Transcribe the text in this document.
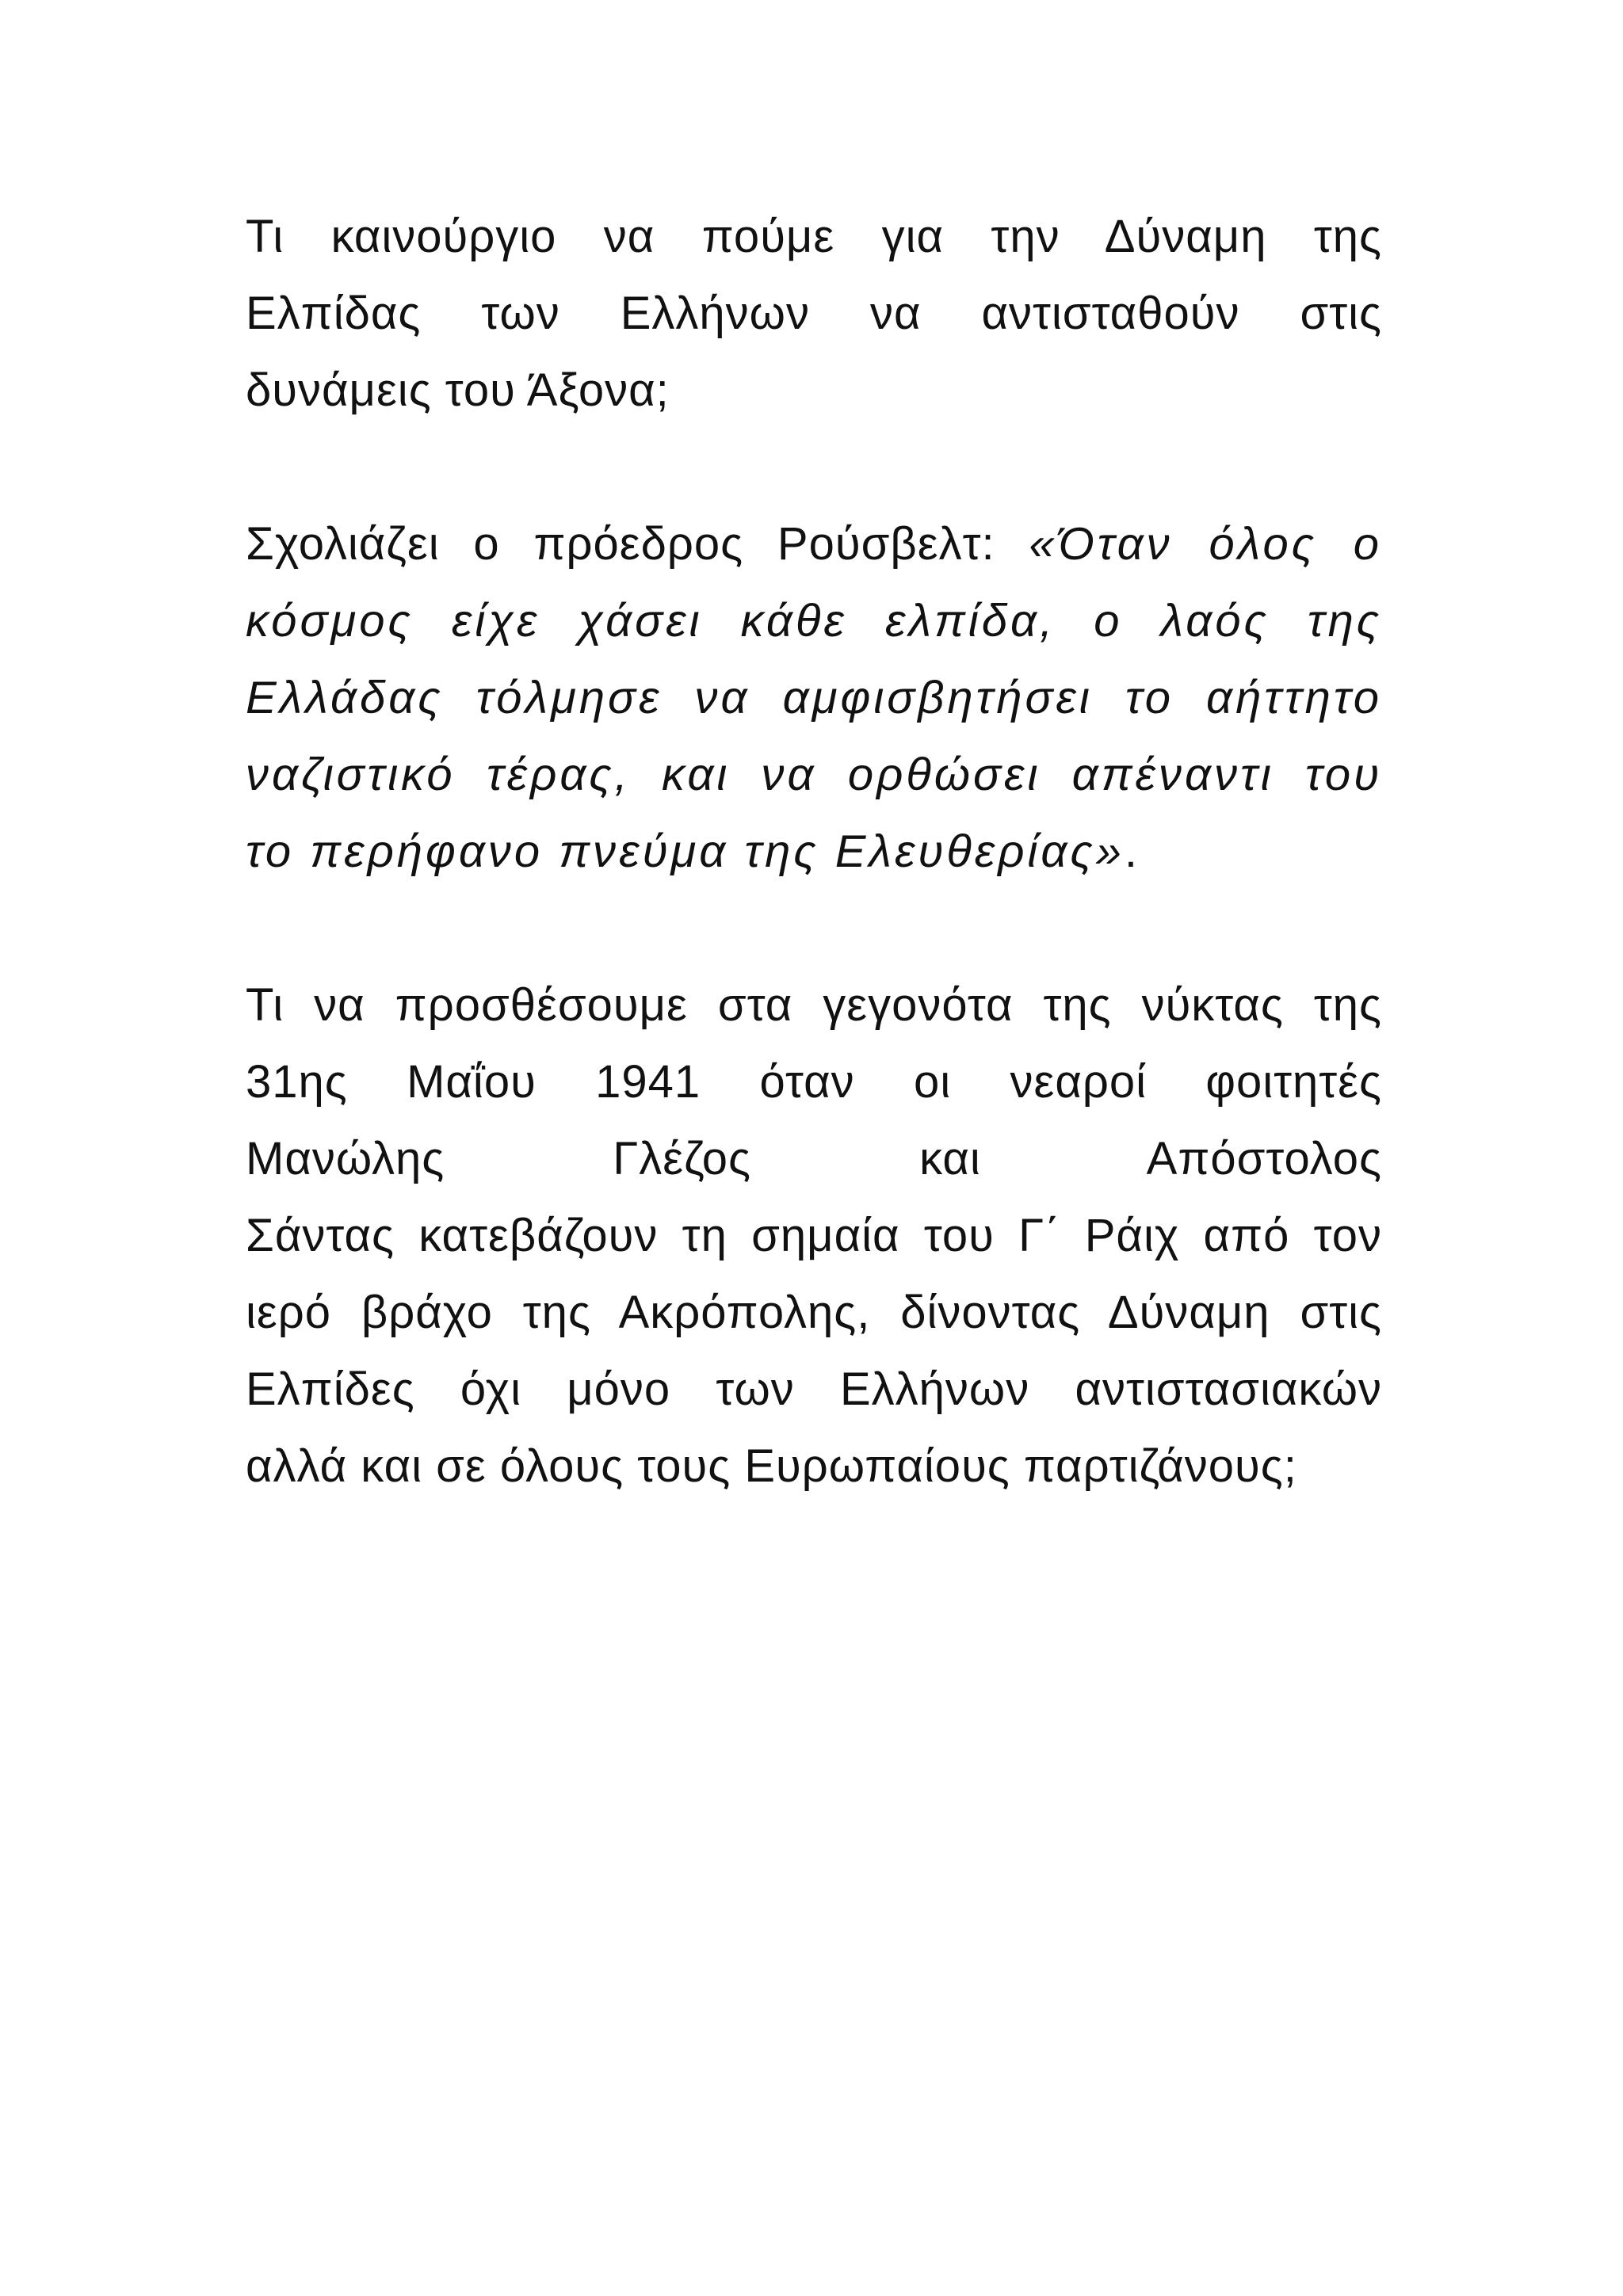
Τι καινούργιο να πούμε για την Δύναμη της
Ελπίδας των Ελλήνων να αντισταθούν στις
δυνάμεις του Άξονα;
Σχολιάζει ο πρόεδρος Ρούσβελτ: «Όταν όλος ο
κόσμος είχε χάσει κάθε ελπίδα, ο λαός της
Ελλάδας τόλμησε να αμφισβητήσει το αήττητο
ναζιστικό τέρας, και να ορθώσει απέναντι του
το περήφανο πνεύμα της Ελευθερίας».
Τι να προσθέσουμε στα γεγονότα της νύκτας της
31ης Μαΐου 1941 όταν οι νεαροί φοιτητές
Μανώλης Γλέζος και Απόστολος
Σάντας κατεβάζουν τη σημαία του Γ΄ Ράιχ από τον
ιερό βράχο της Ακρόπολης, δίνοντας Δύναμη στις
Ελπίδες όχι μόνο των Ελλήνων αντιστασιακών
αλλά και σε όλους τους Ευρωπαίους παρτιζάνους;
